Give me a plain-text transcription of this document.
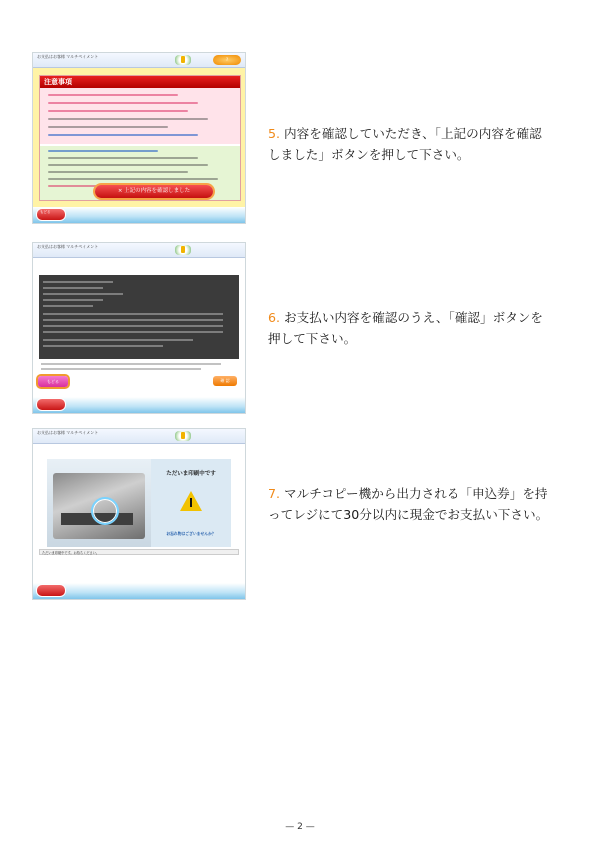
お支払はお客様 マルチペイメント
?
注意事項
× 上記の内容を確認しました
もどる
お支払はお客様 マルチペイメント
もどる	確 認
お支払はお客様 マルチペイメント
ただいま印刷中です
お忘れ物はございませんか？
ただいま印刷中です。お待ちください。
5. 内容を確認していただき、「上記の内容を確認しました」ボタンを押して下さい。
6. お支払い内容を確認のうえ、「確認」ボタンを押して下さい。
7. マルチコピー機から出力される「申込券」を持ってレジにて30分以内に現金でお支払い下さい。
— 2 —
